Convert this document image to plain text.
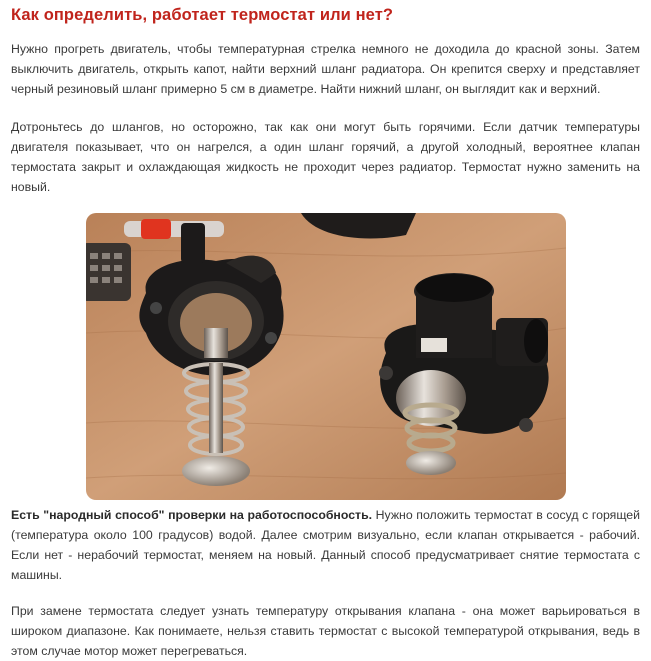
Как определить, работает термостат или нет?

Нужно прогреть двигатель, чтобы температурная стрелка немного не доходила до красной зоны. Затем выключить двигатель, открыть капот, найти верхний шланг радиатора. Он крепится сверху и представляет черный резиновый шланг примерно 5 см в диаметре. Найти нижний шланг, он выглядит как и верхний.

Дотроньтесь до шлангов, но осторожно, так как они могут быть горячими. Если датчик температуры двигателя показывает, что он нагрелся, а один шланг горячий, а другой холодный, вероятнее клапан термостата закрыт и охлаждающая жидкость не проходит через радиатор. Термостат нужно заменить на новый.

Есть "народный способ" проверки на работоспособность. Нужно положить термостат в сосуд с горящей (температура около 100 градусов) водой. Далее смотрим визуально, если клапан открывается - рабочий. Если нет - нерабочий термостат, меняем на новый. Данный способ предусматривает снятие термостата с машины.

При замене термостата следует узнать температуру открывания клапана - она может варьироваться в широком диапазоне. Как понимаете, нельзя ставить термостат с высокой температурой открывания, ведь в этом случае мотор может перегреваться.
